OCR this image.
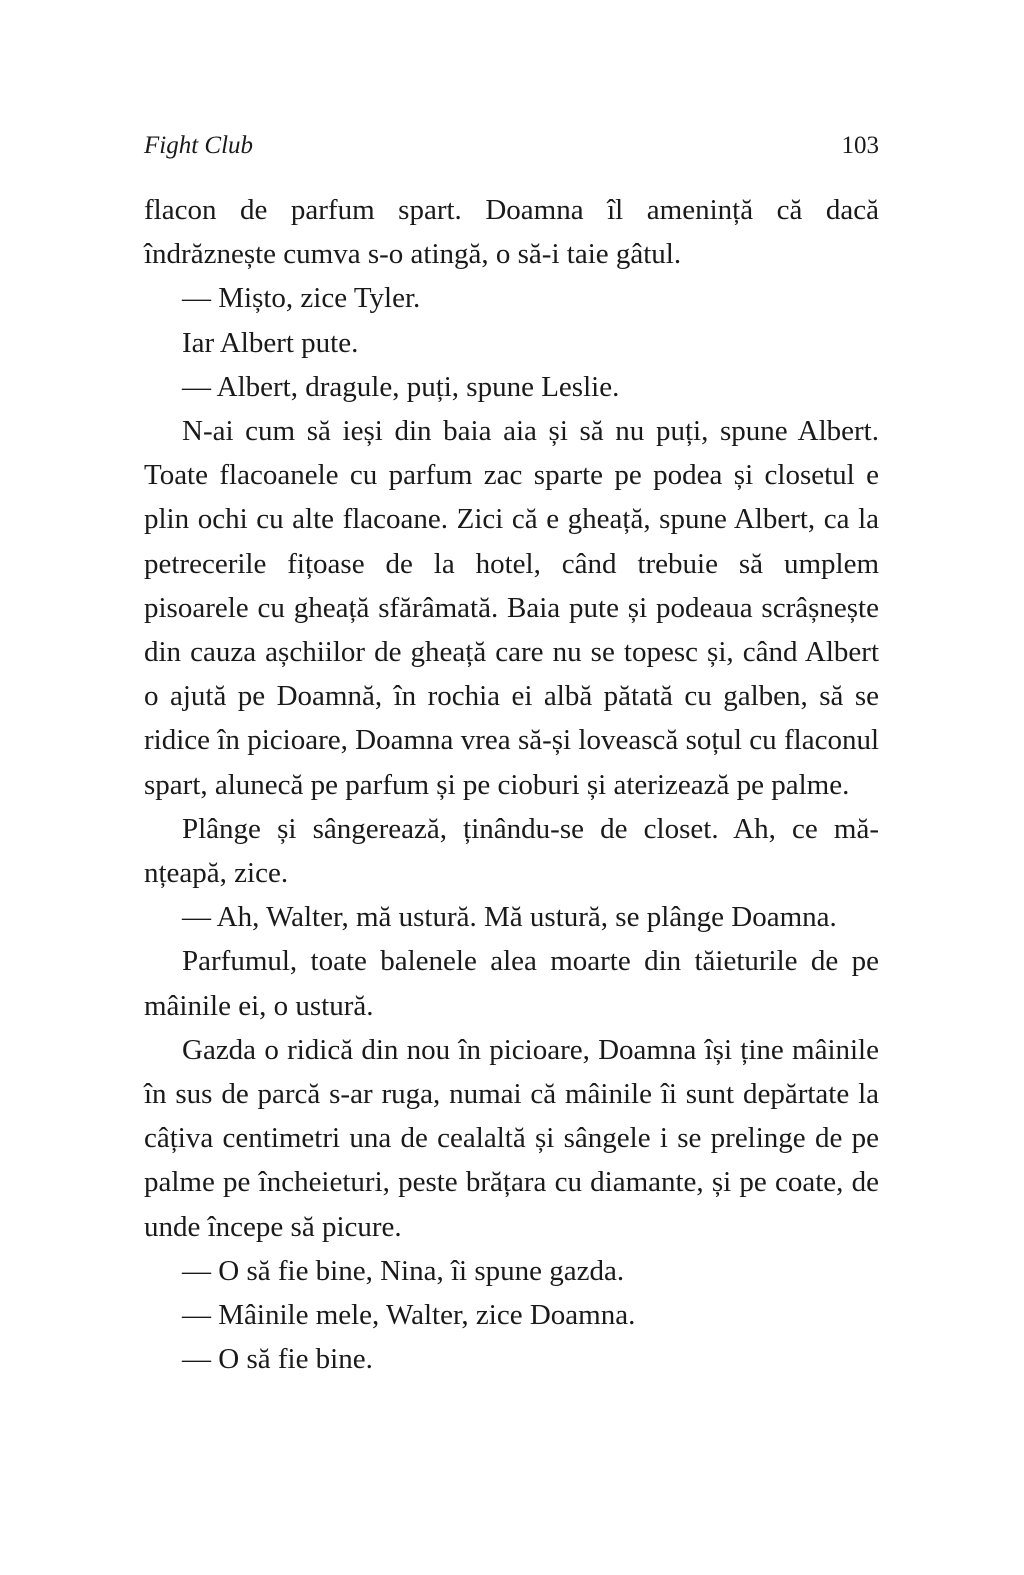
Fight Club	103

flacon de parfum spart. Doamna îl amenință că dacă îndrăznește cumva s-o atingă, o să-i taie gâtul.

— Mișto, zice Tyler.

Iar Albert pute.

— Albert, dragule, puți, spune Leslie.

N-ai cum să ieși din baia aia și să nu puți, spune Albert. Toate flacoanele cu parfum zac sparte pe podea și closetul e plin ochi cu alte flacoane. Zici că e gheață, spune Albert, ca la petrecerile fițoase de la hotel, când trebuie să umplem pisoarele cu gheață sfărâmată. Baia pute și podeaua scrâșnește din cauza așchiilor de gheață care nu se topesc și, când Albert o ajută pe Doamnă, în rochia ei albă pătată cu galben, să se ridice în picioare, Doamna vrea să-și lovească soțul cu flaconul spart, alunecă pe parfum și pe cioburi și aterizează pe palme.

Plânge și sângerează, ținându-se de closet. Ah, ce mă-nțeapă, zice.

— Ah, Walter, mă ustură. Mă ustură, se plânge Doamna.

Parfumul, toate balenele alea moarte din tăieturile de pe mâinile ei, o ustură.

Gazda o ridică din nou în picioare, Doamna își ține mâinile în sus de parcă s-ar ruga, numai că mâinile îi sunt depărtate la câțiva centimetri una de cealaltă și sângele i se prelinge de pe palme pe încheieturi, peste brățara cu diamante, și pe coate, de unde începe să picure.

— O să fie bine, Nina, îi spune gazda.

— Mâinile mele, Walter, zice Doamna.

— O să fie bine.
